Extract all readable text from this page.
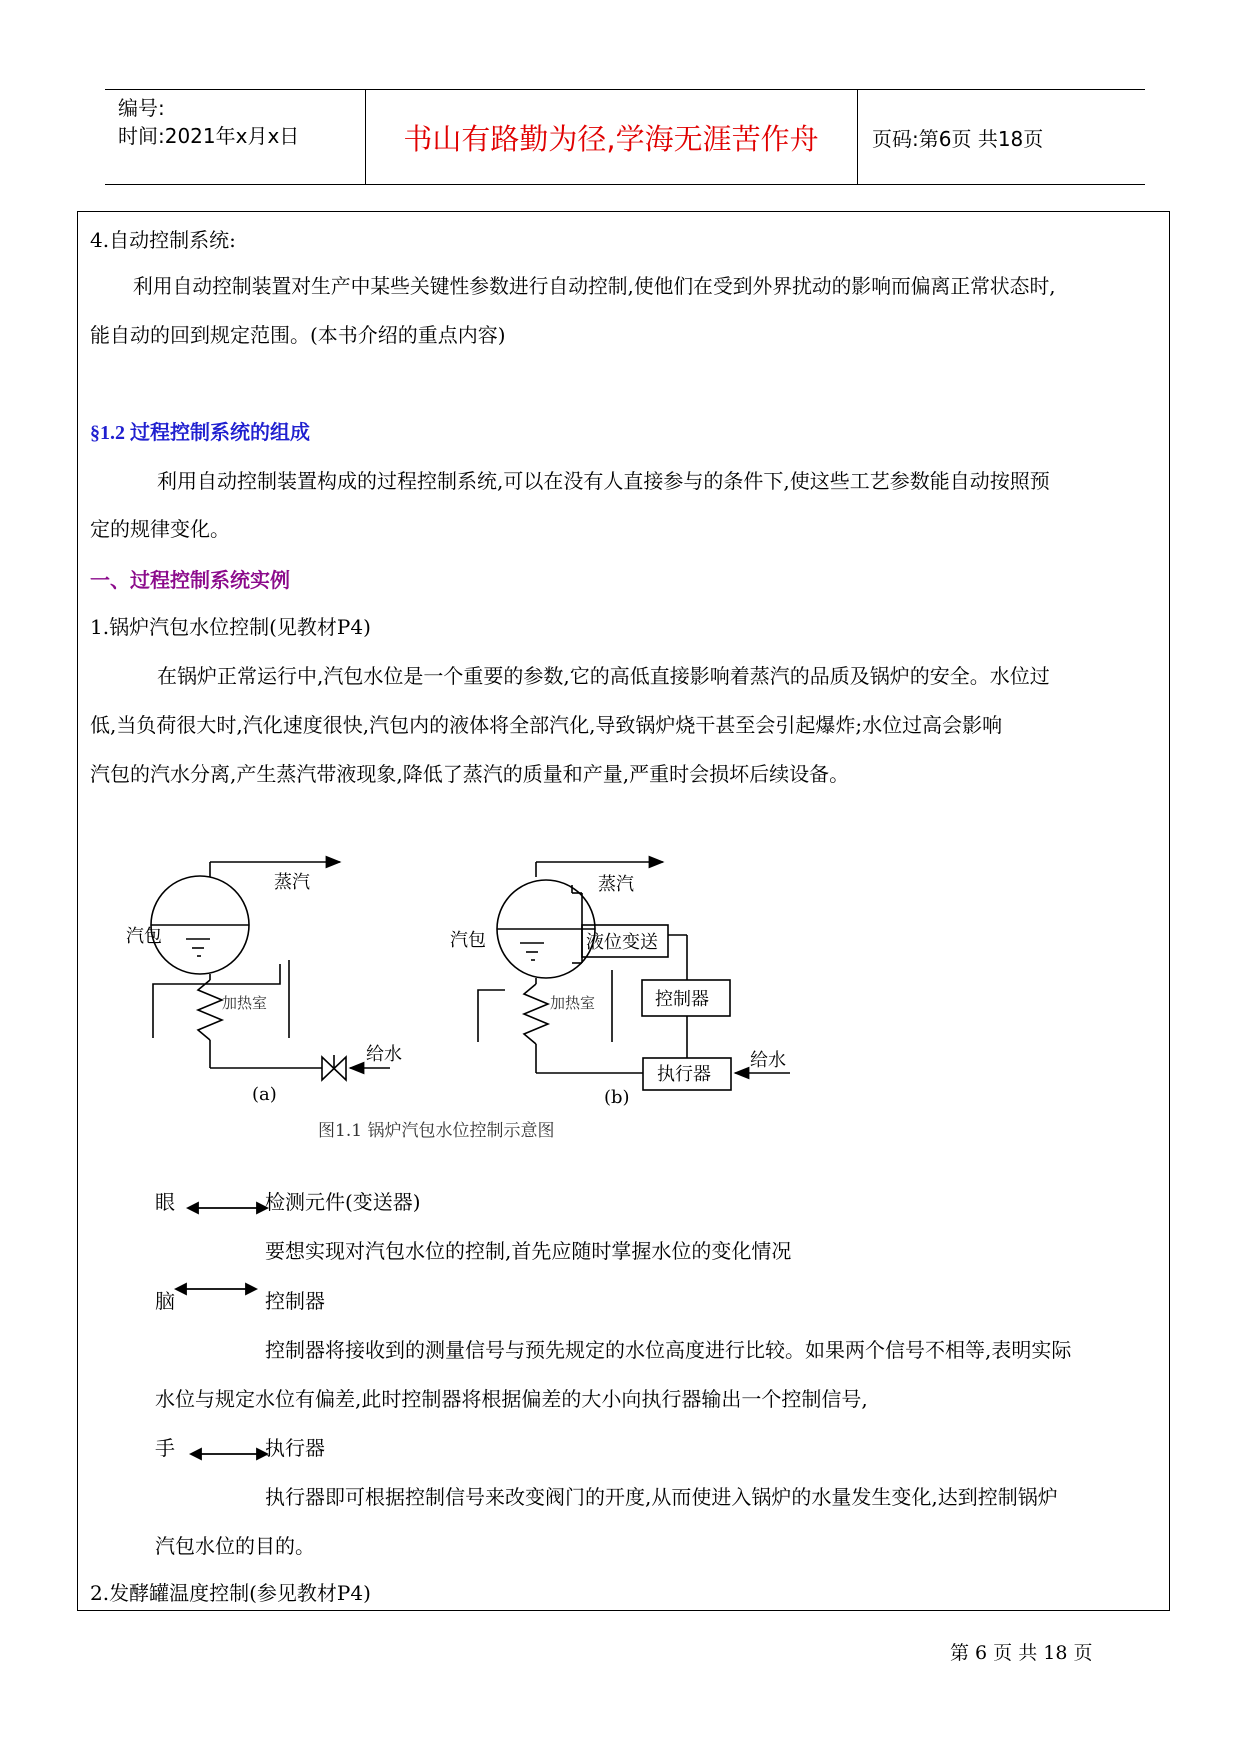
编号:
时间:2021年x月x日	书山有路勤为径,学海无涯苦作舟	页码:第6页 共18页
4.自动控制系统:
利用自动控制装置对生产中某些关键性参数进行自动控制,使他们在受到外界扰动的影响而偏离正常状态时,
能自动的回到规定范围。(本书介绍的重点内容)
§1.2 过程控制系统的组成
利用自动控制装置构成的过程控制系统,可以在没有人直接参与的条件下,使这些工艺参数能自动按照预
定的规律变化。
一、过程控制系统实例
1.锅炉汽包水位控制(见教材P4)
在锅炉正常运行中,汽包水位是一个重要的参数,它的高低直接影响着蒸汽的品质及锅炉的安全。水位过
低,当负荷很大时,汽化速度很快,汽包内的液体将全部汽化,导致锅炉烧干甚至会引起爆炸;水位过高会影响
汽包的汽水分离,产生蒸汽带液现象,降低了蒸汽的质量和产量,严重时会损坏后续设备。
蒸汽
汽包
加热室
给水
(a)
蒸汽
汽包
加热室
液位变送
控制器
执行器
给水
(b)
图1.1 锅炉汽包水位控制示意图
眼	检测元件(变送器)
要想实现对汽包水位的控制,首先应随时掌握水位的变化情况
脑	控制器
控制器将接收到的测量信号与预先规定的水位高度进行比较。如果两个信号不相等,表明实际
水位与规定水位有偏差,此时控制器将根据偏差的大小向执行器输出一个控制信号,
手	执行器
执行器即可根据控制信号来改变阀门的开度,从而使进入锅炉的水量发生变化,达到控制锅炉
汽包水位的目的。
2.发酵罐温度控制(参见教材P4)
第 6 页 共 18 页
